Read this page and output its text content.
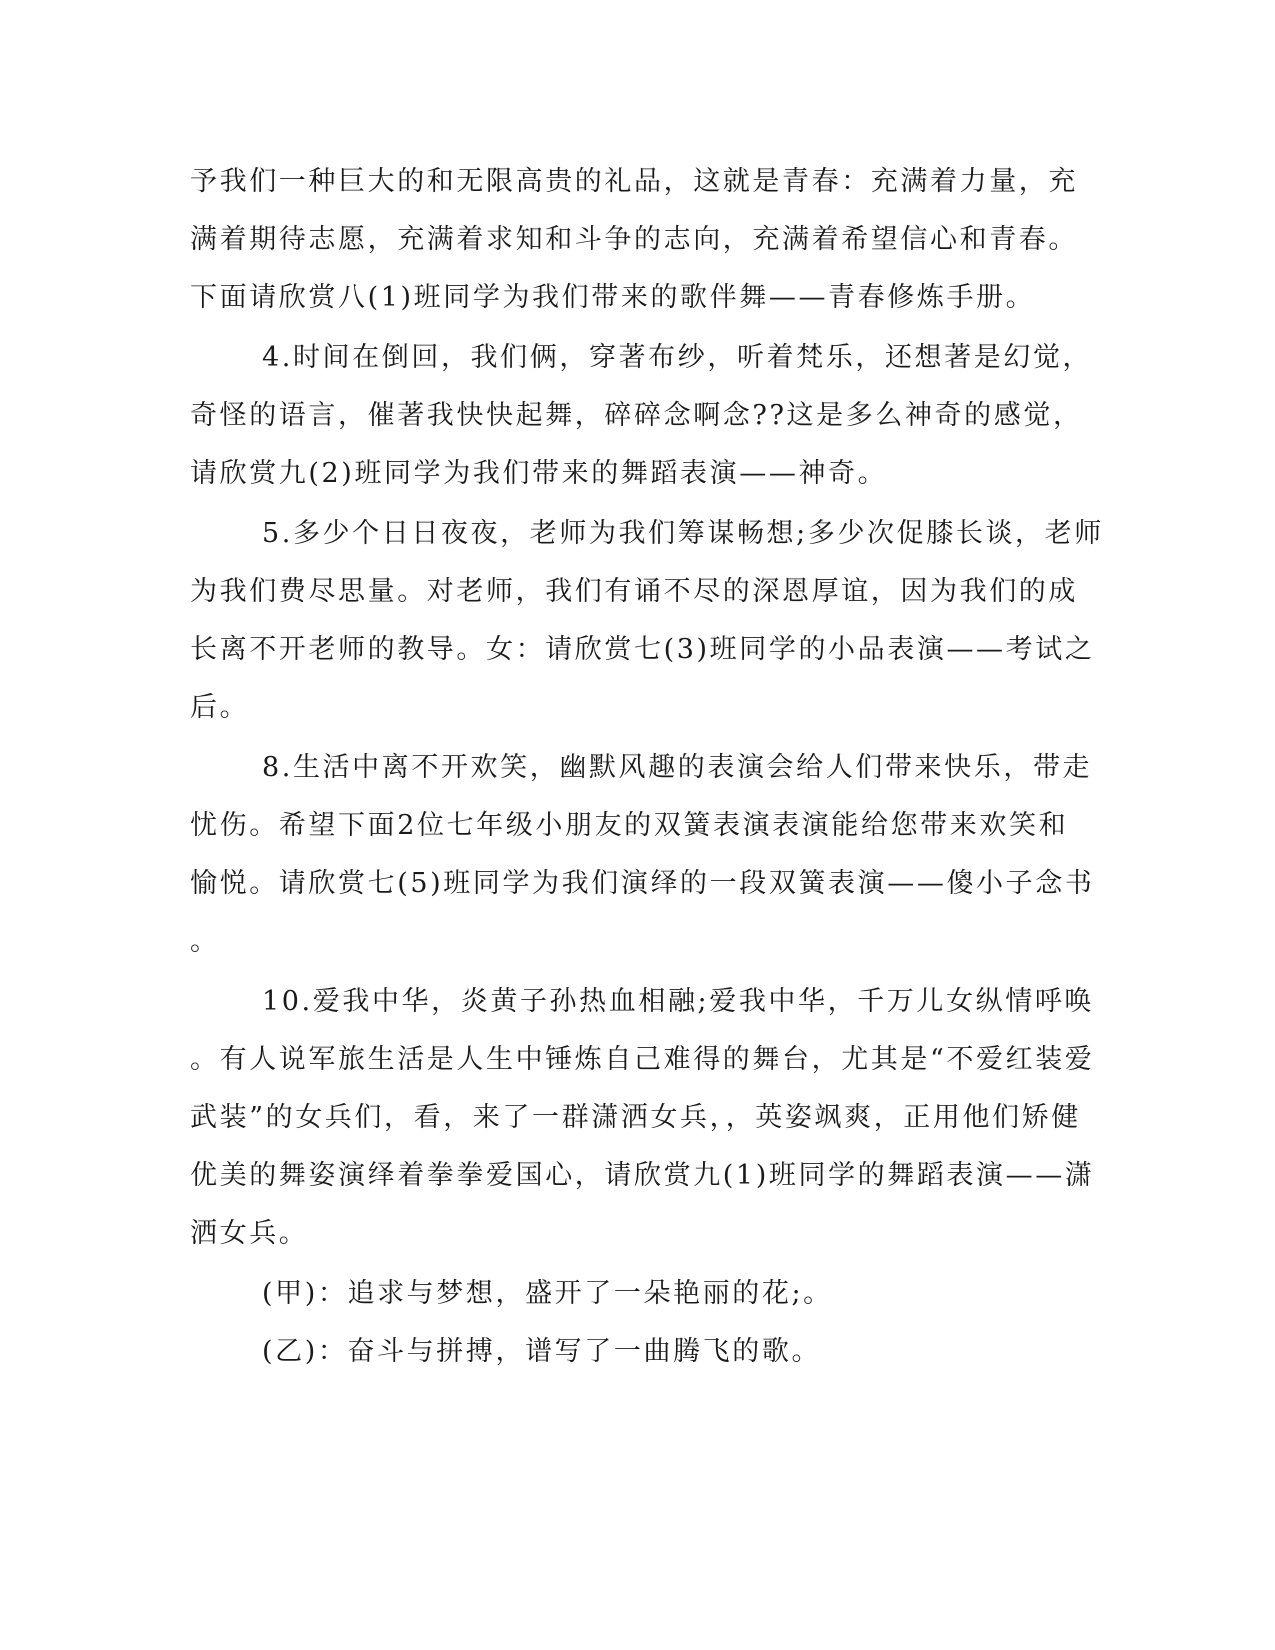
予我们一种巨大的和无限高贵的礼品，这就是青春：充满着力量，充

满着期待志愿，充满着求知和斗争的志向，充满着希望信心和青春。

下面请欣赏八(1)班同学为我们带来的歌伴舞——青春修炼手册。

4.时间在倒回，我们俩，穿著布纱，听着梵乐，还想著是幻觉，

奇怪的语言，催著我快快起舞，碎碎念啊念??这是多么神奇的感觉，

请欣赏九(2)班同学为我们带来的舞蹈表演——神奇。

5.多少个日日夜夜，老师为我们筹谋畅想;多少次促膝长谈，老师

为我们费尽思量。对老师，我们有诵不尽的深恩厚谊，因为我们的成

长离不开老师的教导。女：请欣赏七(3)班同学的小品表演——考试之

后。

8.生活中离不开欢笑，幽默风趣的表演会给人们带来快乐，带走

忧伤。希望下面2位七年级小朋友的双簧表演表演能给您带来欢笑和

愉悦。请欣赏七(5)班同学为我们演绎的一段双簧表演——傻小子念书

。

10.爱我中华，炎黄子孙热血相融;爱我中华，千万儿女纵情呼唤

。有人说军旅生活是人生中锤炼自己难得的舞台，尤其是“不爱红装爱

武装”的女兵们，看，来了一群潇洒女兵，，英姿飒爽，正用他们矫健

优美的舞姿演绎着拳拳爱国心，请欣赏九(1)班同学的舞蹈表演——潇

洒女兵。

(甲)：追求与梦想，盛开了一朵艳丽的花;。

(乙)：奋斗与拼搏，谱写了一曲腾飞的歌。
